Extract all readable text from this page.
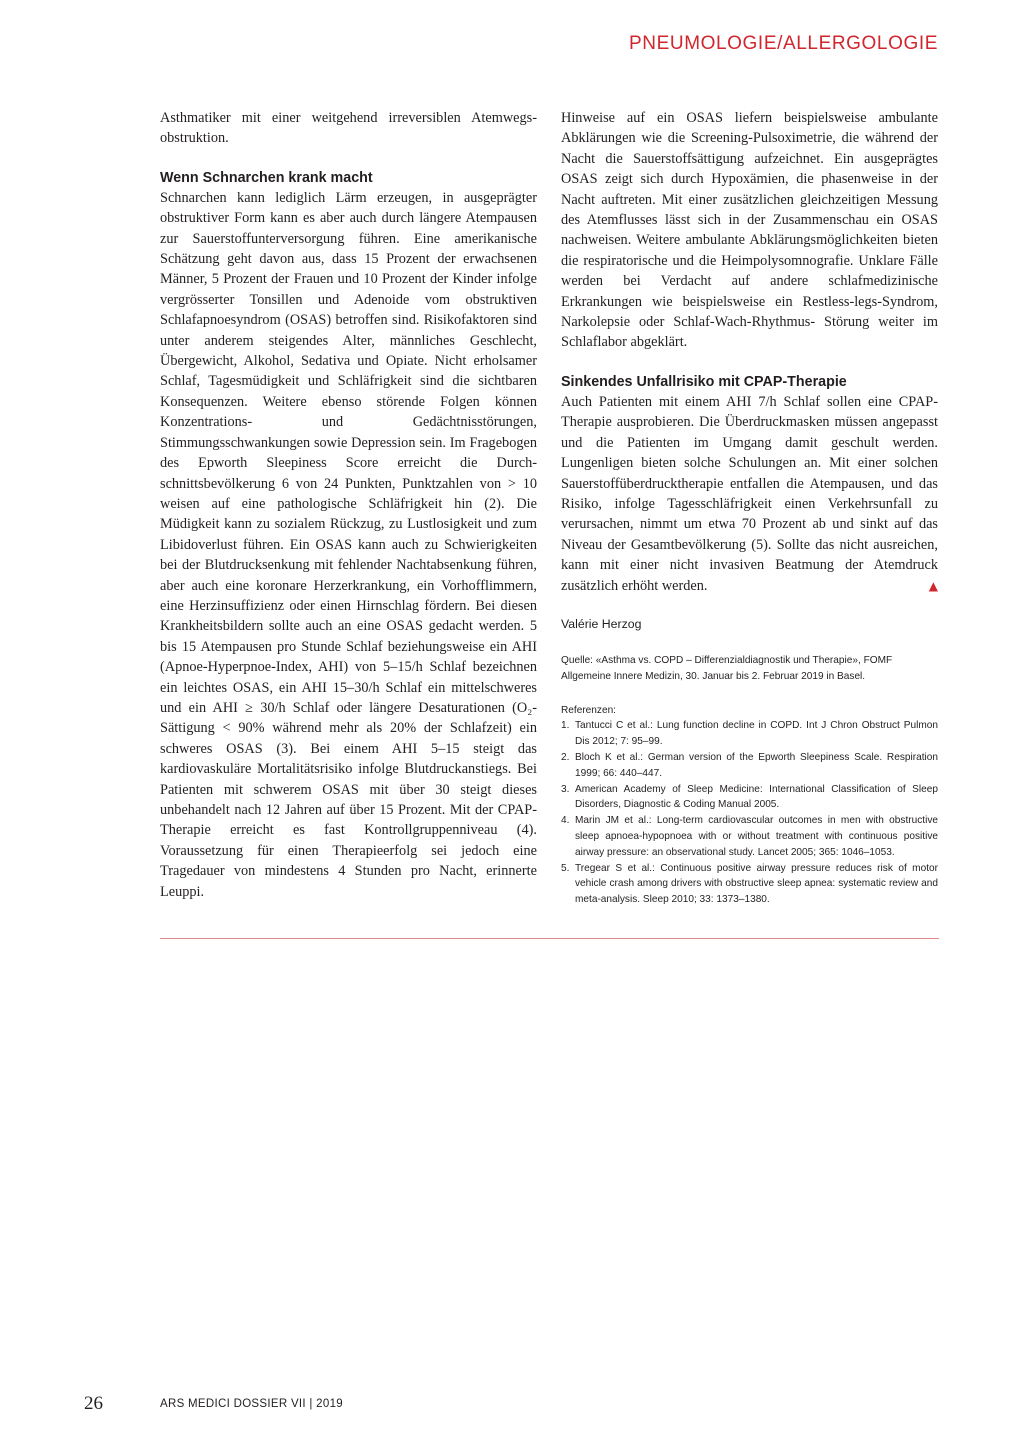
PNEUMOLOGIE/ALLERGOLOGIE

Asthmatiker mit einer weitgehend irreversiblen Atemwegsobstruktion.

Wenn Schnarchen krank macht

Schnarchen kann lediglich Lärm erzeugen, in ausgeprägter obstruktiver Form kann es aber auch durch längere Atempausen zur Sauerstoffunterversorgung führen. Eine amerikanische Schätzung geht davon aus, dass 15 Prozent der erwachsenen Männer, 5 Prozent der Frauen und 10 Prozent der Kinder infolge vergrösserter Tonsillen und Adenoide vom obstruktiven Schlafapnoesyndrom (OSAS) betroffen sind. Risikofaktoren sind unter anderem steigendes Alter, männliches Geschlecht, Übergewicht, Alkohol, Sedativa und Opiate. Nicht erholsamer Schlaf, Tagesmüdigkeit und Schläfrigkeit sind die sichtbaren Konsequenzen. Weitere ebenso störende Folgen können Konzentrations- und Gedächtnisstörungen, Stimmungsschwankungen sowie Depression sein. Im Fragebogen des Epworth Sleepiness Score erreicht die Durchschnittsbevölkerung 6 von 24 Punkten, Punktzahlen von > 10 weisen auf eine pathologische Schläfrigkeit hin (2). Die Müdigkeit kann zu sozialem Rückzug, zu Lustlosigkeit und zum Libidoverlust führen. Ein OSAS kann auch zu Schwierigkeiten bei der Blutdrucksenkung mit fehlender Nachtabsenkung führen, aber auch eine koronare Herzerkrankung, ein Vorhofflimmern, eine Herzinsuffizienz oder einen Hirnschlag fördern. Bei diesen Krankheitsbildern sollte auch an eine OSAS gedacht werden. 5 bis 15 Atempausen pro Stunde Schlaf beziehungsweise ein AHI (Apnoe-Hyperpnoe-Index, AHI) von 5–15/h Schlaf bezeichnen ein leichtes OSAS, ein AHI 15–30/h Schlaf ein mittelschweres und ein AHI ≥ 30/h Schlaf oder längere Desaturationen (O₂-Sättigung < 90% während mehr als 20% der Schlafzeit) ein schweres OSAS (3). Bei einem AHI 5–15 steigt das kardiovaskuläre Mortalitätsrisiko infolge Blutdruckanstiegs. Bei Patienten mit schwerem OSAS mit über 30 steigt dieses unbehandelt nach 12 Jahren auf über 15 Prozent. Mit der CPAP-Therapie erreicht es fast Kontrollgruppenniveau (4). Voraussetzung für einen Therapieerfolg sei jedoch eine Tragedauer von mindestens 4 Stunden pro Nacht, erinnerte Leuppi.

Hinweise auf ein OSAS liefern beispielsweise ambulante Abklärungen wie die Screening-Pulsoximetrie, die während der Nacht die Sauerstoffsättigung aufzeichnet. Ein ausgeprägtes OSAS zeigt sich durch Hypoxämien, die phasenweise in der Nacht auftreten. Mit einer zusätzlichen gleichzeitigen Messung des Atemflusses lässt sich in der Zusammenschau ein OSAS nachweisen. Weitere ambulante Abklärungsmöglichkeiten bieten die respiratorische und die Heimpolysomnografie. Unklare Fälle werden bei Verdacht auf andere schlafmedizinische Erkrankungen wie beispielsweise ein Restless-legs-Syndrom, Narkolepsie oder Schlaf-Wach-Rhythmus- Störung weiter im Schlaflabor abgeklärt.

Sinkendes Unfallrisiko mit CPAP-Therapie

Auch Patienten mit einem AHI 7/h Schlaf sollen eine CPAP-Therapie ausprobieren. Die Überdruckmasken müssen angepasst und die Patienten im Umgang damit geschult werden. Lungenligen bieten solche Schulungen an. Mit einer solchen Sauerstoffüberdrucktherapie entfallen die Atempausen, und das Risiko, infolge Tagesschläfrigkeit einen Verkehrsunfall zu verursachen, nimmt um etwa 70 Prozent ab und sinkt auf das Niveau der Gesamtbevölkerung (5). Sollte das nicht ausreichen, kann mit einer nicht invasiven Beatmung der Atemdruck zusätzlich erhöht werden.	▲

Valérie Herzog

Quelle: «Asthma vs. COPD – Differenzialdiagnostik und Therapie», FOMF Allgemeine Innere Medizin, 30. Januar bis 2. Februar 2019 in Basel.

Referenzen:

1. Tantucci C et al.: Lung function decline in COPD. Int J Chron Obstruct Pulmon Dis 2012; 7: 95–99.
2. Bloch K et al.: German version of the Epworth Sleepiness Scale. Respiration 1999; 66: 440–447.
3. American Academy of Sleep Medicine: International Classification of Sleep Disorders, Diagnostic & Coding Manual 2005.
4. Marin JM et al.: Long-term cardiovascular outcomes in men with obstructive sleep apnoea-hypopnoea with or without treatment with continuous positive airway pressure: an observational study. Lancet 2005; 365: 1046–1053.
5. Tregear S et al.: Continuous positive airway pressure reduces risk of motor vehicle crash among drivers with obstructive sleep apnea: systematic review and meta-analysis. Sleep 2010; 33: 1373–1380.
26	ARS MEDICI DOSSIER VII | 2019
